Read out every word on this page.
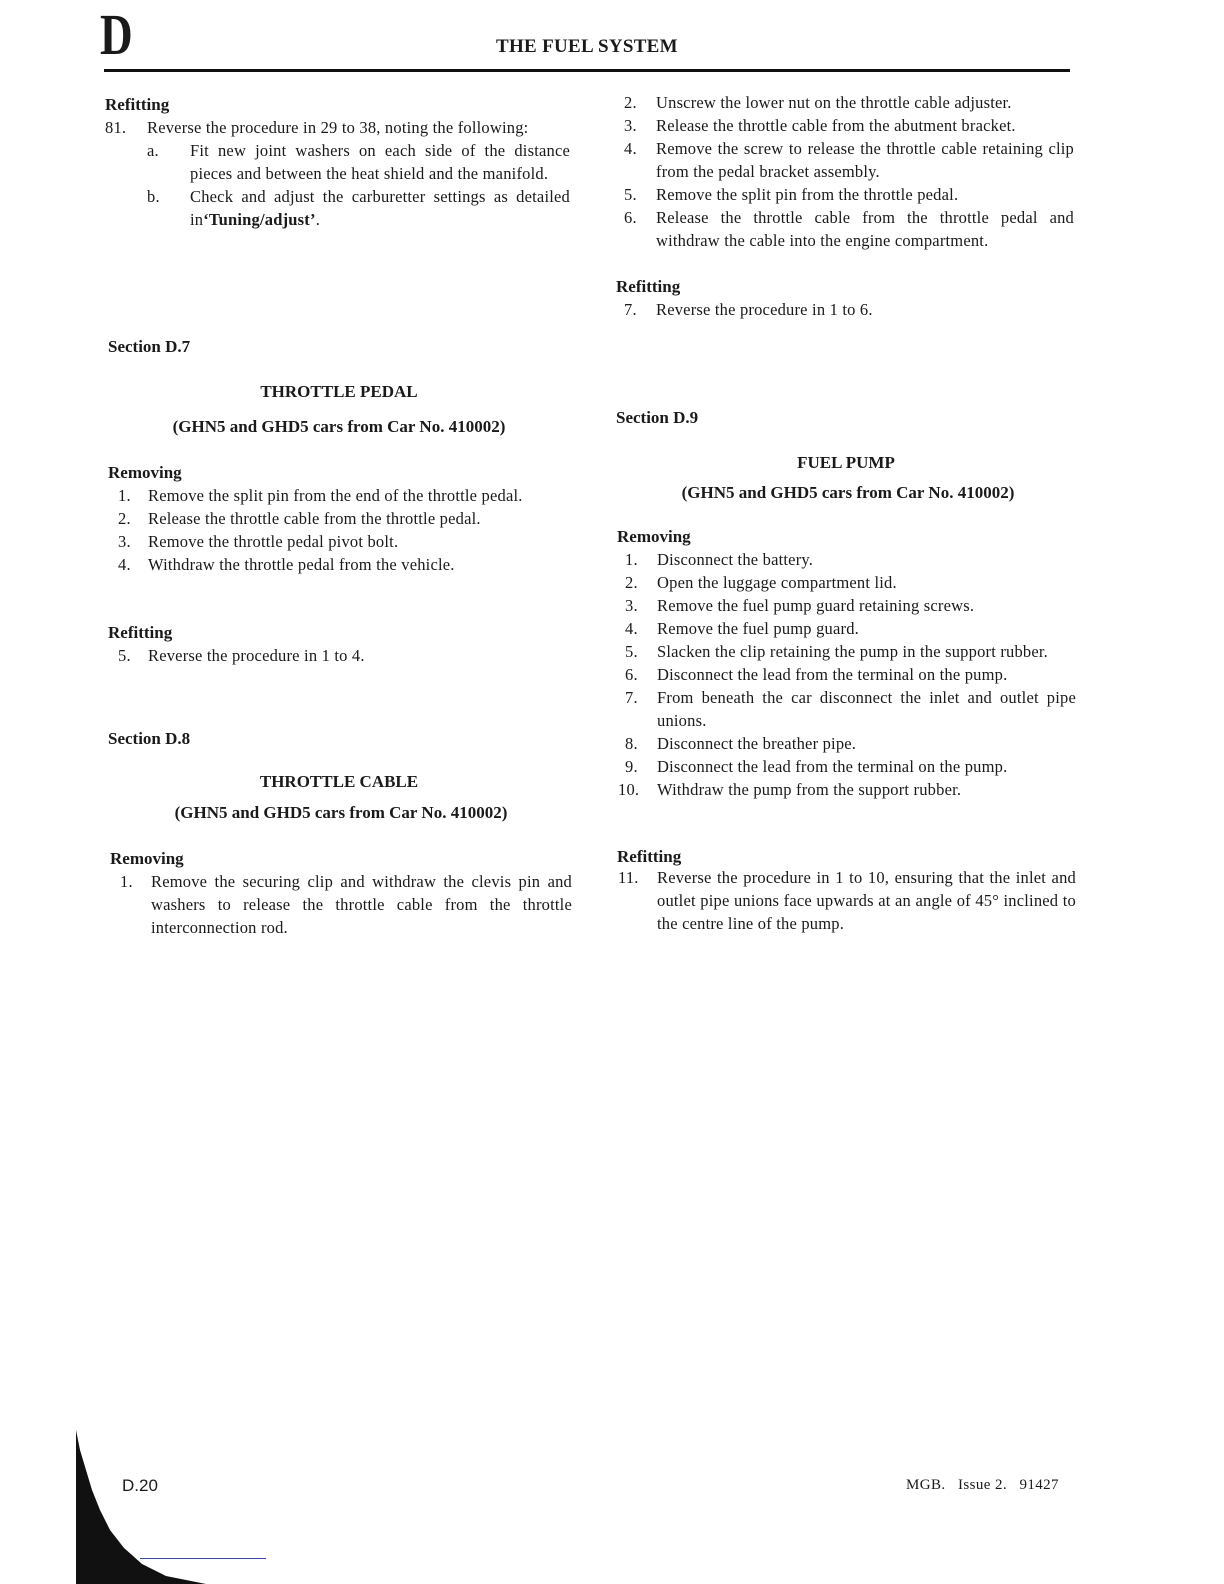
D	THE FUEL SYSTEM
Refitting
81.	Reverse the procedure in 29 to 38, noting the following:
a.	Fit new joint washers on each side of the distance pieces and between the heat shield and the manifold.
b.	Check and adjust the carburetter settings as detailed in‘Tuning/adjust’.
Section D.7
THROTTLE PEDAL
(GHN5 and GHD5 cars from Car No. 410002)
Removing
1.	Remove the split pin from the end of the throttle pedal.
2.	Release the throttle cable from the throttle pedal.
3.	Remove the throttle pedal pivot bolt.
4.	Withdraw the throttle pedal from the vehicle.
Refitting
5.	Reverse the procedure in 1 to 4.
Section D.8
THROTTLE CABLE
(GHN5 and GHD5 cars from Car No. 410002)
Removing
1.	Remove the securing clip and withdraw the clevis pin and washers to release the throttle cable from the throttle interconnection rod.
2.	Unscrew the lower nut on the throttle cable adjuster.
3.	Release the throttle cable from the abutment bracket.
4.	Remove the screw to release the throttle cable retaining clip from the pedal bracket assembly.
5.	Remove the split pin from the throttle pedal.
6.	Release the throttle cable from the throttle pedal and withdraw the cable into the engine compartment.
Refitting
7.	Reverse the procedure in 1 to 6.
Section D.9
FUEL PUMP
(GHN5 and GHD5 cars from Car No. 410002)
Removing
1.	Disconnect the battery.
2.	Open the luggage compartment lid.
3.	Remove the fuel pump guard retaining screws.
4.	Remove the fuel pump guard.
5.	Slacken the clip retaining the pump in the support rubber.
6.	Disconnect the lead from the terminal on the pump.
7.	From beneath the car disconnect the inlet and outlet pipe unions.
8.	Disconnect the breather pipe.
9.	Disconnect the lead from the terminal on the pump.
10.	Withdraw the pump from the support rubber.
Refitting
11.	Reverse the procedure in 1 to 10, ensuring that the inlet and outlet pipe unions face upwards at an angle of 45° inclined to the centre line of the pump.
D.20	MGB.   Issue 2.   91427
